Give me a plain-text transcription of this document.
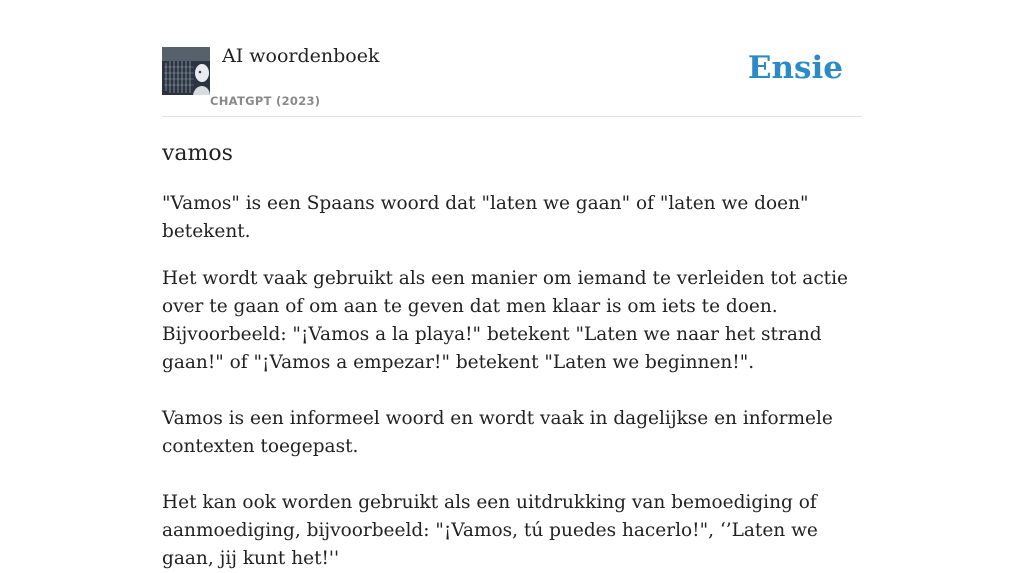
AI woordenboek
CHATGPT (2023)
Ensie
vamos

"Vamos" is een Spaans woord dat "laten we gaan" of "laten we doen" betekent.

Het wordt vaak gebruikt als een manier om iemand te verleiden tot actie over te gaan of om aan te geven dat men klaar is om iets te doen. Bijvoorbeeld: "¡Vamos a la playa!" betekent "Laten we naar het strand gaan!" of "¡Vamos a empezar!" betekent "Laten we beginnen!".

Vamos is een informeel woord en wordt vaak in dagelijkse en informele contexten toegepast.

Het kan ook worden gebruikt als een uitdrukking van bemoediging of aanmoediging, bijvoorbeeld: "¡Vamos, tú puedes hacerlo!", ‘’Laten we gaan, jij kunt het!''
